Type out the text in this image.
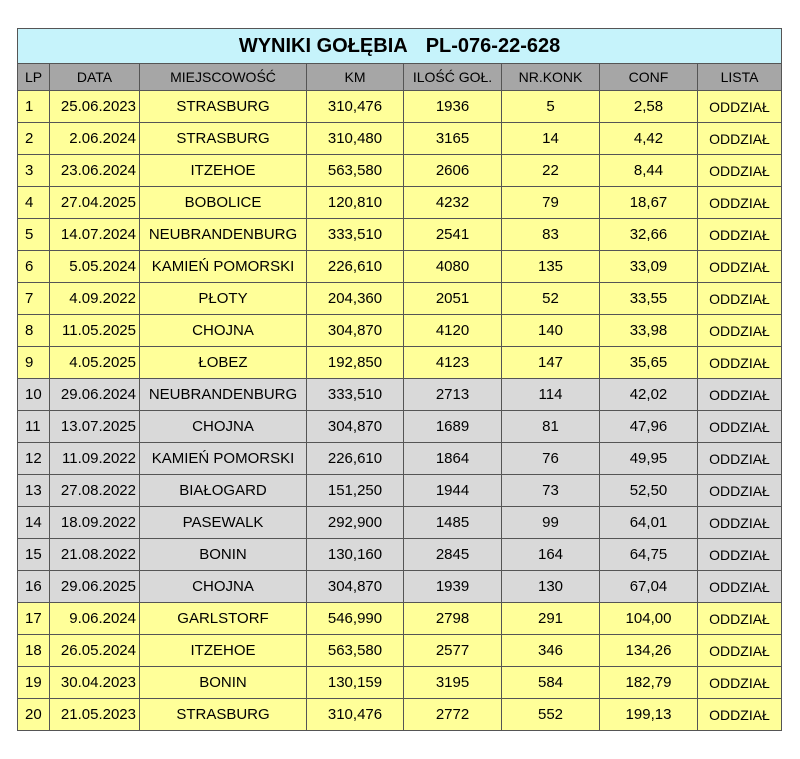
WYNIKI GOŁĘBIA PL-076-22-628							
LP	DATA	MIEJSCOWOŚĆ	KM	ILOŚĆ GOŁ.	NR.KONK	CONF	LISTA
1	25.06.2023	STRASBURG	310,476	1936	5	2,58	ODDZIAŁ
2	2.06.2024	STRASBURG	310,480	3165	14	4,42	ODDZIAŁ
3	23.06.2024	ITZEHOE	563,580	2606	22	8,44	ODDZIAŁ
4	27.04.2025	BOBOLICE	120,810	4232	79	18,67	ODDZIAŁ
5	14.07.2024	NEUBRANDENBURG	333,510	2541	83	32,66	ODDZIAŁ
6	5.05.2024	KAMIEŃ POMORSKI	226,610	4080	135	33,09	ODDZIAŁ
7	4.09.2022	PŁOTY	204,360	2051	52	33,55	ODDZIAŁ
8	11.05.2025	CHOJNA	304,870	4120	140	33,98	ODDZIAŁ
9	4.05.2025	ŁOBEZ	192,850	4123	147	35,65	ODDZIAŁ
10	29.06.2024	NEUBRANDENBURG	333,510	2713	114	42,02	ODDZIAŁ
11	13.07.2025	CHOJNA	304,870	1689	81	47,96	ODDZIAŁ
12	11.09.2022	KAMIEŃ POMORSKI	226,610	1864	76	49,95	ODDZIAŁ
13	27.08.2022	BIAŁOGARD	151,250	1944	73	52,50	ODDZIAŁ
14	18.09.2022	PASEWALK	292,900	1485	99	64,01	ODDZIAŁ
15	21.08.2022	BONIN	130,160	2845	164	64,75	ODDZIAŁ
16	29.06.2025	CHOJNA	304,870	1939	130	67,04	ODDZIAŁ
17	9.06.2024	GARLSTORF	546,990	2798	291	104,00	ODDZIAŁ
18	26.05.2024	ITZEHOE	563,580	2577	346	134,26	ODDZIAŁ
19	30.04.2023	BONIN	130,159	3195	584	182,79	ODDZIAŁ
20	21.05.2023	STRASBURG	310,476	2772	552	199,13	ODDZIAŁ
